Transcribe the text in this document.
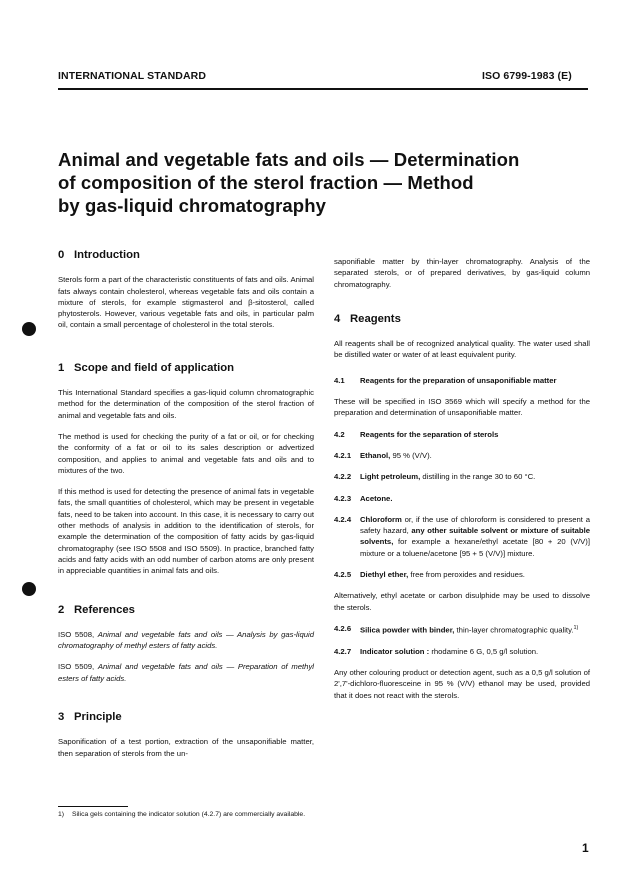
INTERNATIONAL STANDARD	ISO 6799-1983 (E)
Animal and vegetable fats and oils — Determination
of composition of the sterol fraction — Method
by gas-liquid chromatography
0 Introduction

Sterols form a part of the characteristic constituents of fats and oils. Animal fats always contain cholesterol, whereas vegetable fats and oils contain a mixture of sterols, for example stigmasterol and β-sitosterol, called phytosterols. However, various vegetable fats and oils, in particular palm oil, contain a small percentage of cholesterol in the total sterols.

1 Scope and field of application

This International Standard specifies a gas-liquid column chromatographic method for the determination of the composition of the sterol fraction of animal and vegetable fats and oils.

The method is used for checking the purity of a fat or oil, or for checking the conformity of a fat or oil to its sales description or advertized composition, and applies to animal and vegetable fats and oils and to mixtures of the two.

If this method is used for detecting the presence of animal fats in vegetable fats, the small quantities of cholesterol, which may be present in vegetable fats, need to be taken into account. In this case, it is necessary to carry out other methods of analysis in addition to the identification of sterols, for example the determination of the composition of fatty acids by gas-liquid chromatography (see ISO 5508 and ISO 5509). In practice, branched fatty acids and fatty acids with an odd number of carbon atoms are only present in appreciable quantities in animal fats and oils.

2 References

ISO 5508, Animal and vegetable fats and oils — Analysis by gas-liquid chromatography of methyl esters of fatty acids.

ISO 5509, Animal and vegetable fats and oils — Preparation of methyl esters of fatty acids.

3 Principle

Saponification of a test portion, extraction of the unsaponifiable matter, then separation of sterols from the un-

saponifiable matter by thin-layer chromatography. Analysis of the separated sterols, or of prepared derivatives, by gas-liquid column chromatography.

4 Reagents

All reagents shall be of recognized analytical quality. The water used shall be distilled water or water of at least equivalent purity.

4.1	Reagents for the preparation of unsaponifiable matter

These will be specified in ISO 3569 which will specify a method for the preparation and determination of unsaponifiable matter.

4.2	Reagents for the separation of sterols
4.2.1	Ethanol, 95 % (V/V).
4.2.2	Light petroleum, distilling in the range 30 to 60 °C.
4.2.3	Acetone.
4.2.4	Chloroform or, if the use of chloroform is considered to present a safety hazard, any other suitable solvent or mixture of suitable solvents, for example a hexane/ethyl acetate [80 + 20 (V/V)] mixture or a toluene/acetone [95 + 5 (V/V)] mixture.
4.2.5	Diethyl ether, free from peroxides and residues.

Alternatively, ethyl acetate or carbon disulphide may be used to dissolve the sterols.

4.2.6	Silica powder with binder, thin-layer chromatographic quality.$^{1)}$
4.2.7	Indicator solution : rhodamine 6 G, 0,5 g/l solution.

Any other colouring product or detection agent, such as a 0,5 g/l solution of 2',7'-dichloro-fluoresceine in 95 % (V/V) ethanol may be used, provided that it does not react with the sterols.

1) Silica gels containing the indicator solution (4.2.7) are commercially available.
1
